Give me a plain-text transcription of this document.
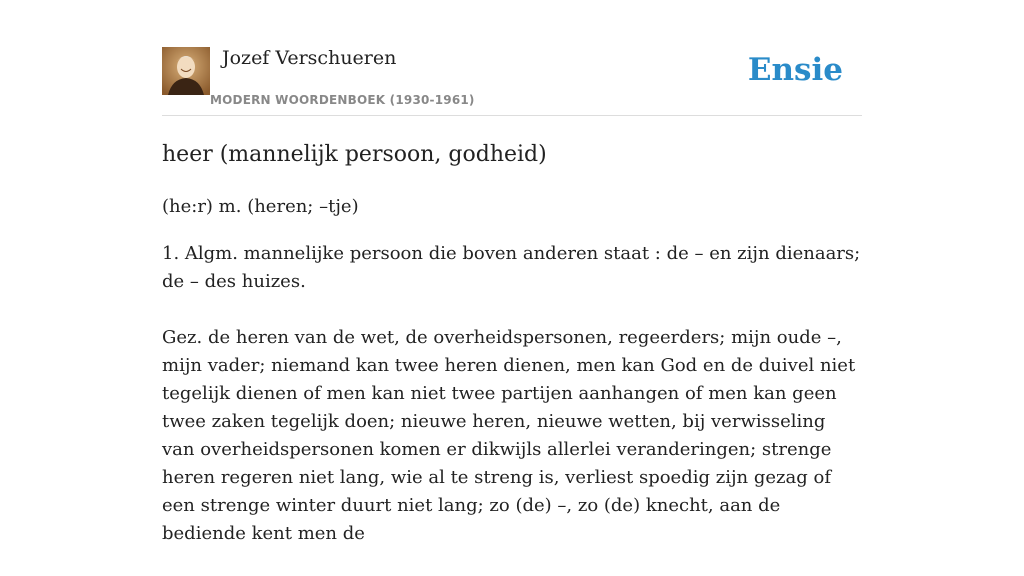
Jozef Verschueren
MODERN WOORDENBOEK (1930-1961)
Ensie
heer (mannelijk persoon, godheid)
(he:r) m. (heren; –tje)

1. Algm. mannelijke persoon die boven anderen staat : de – en zijn dienaars; de – des huizes.

Gez. de heren van de wet, de overheidspersonen, regeerders; mijn oude –, mijn vader; niemand kan twee heren dienen, men kan God en de duivel niet tegelijk dienen of men kan niet twee partijen aanhangen of men kan geen twee zaken tegelijk doen; nieuwe heren, nieuwe wetten, bij verwisseling van overheidspersonen komen er dikwijls allerlei veranderingen; strenge heren regeren niet lang, wie al te streng is, verliest spoedig zijn gezag of een strenge winter duurt niet lang; zo (de) –, zo (de) knecht, aan de bediende kent men de
